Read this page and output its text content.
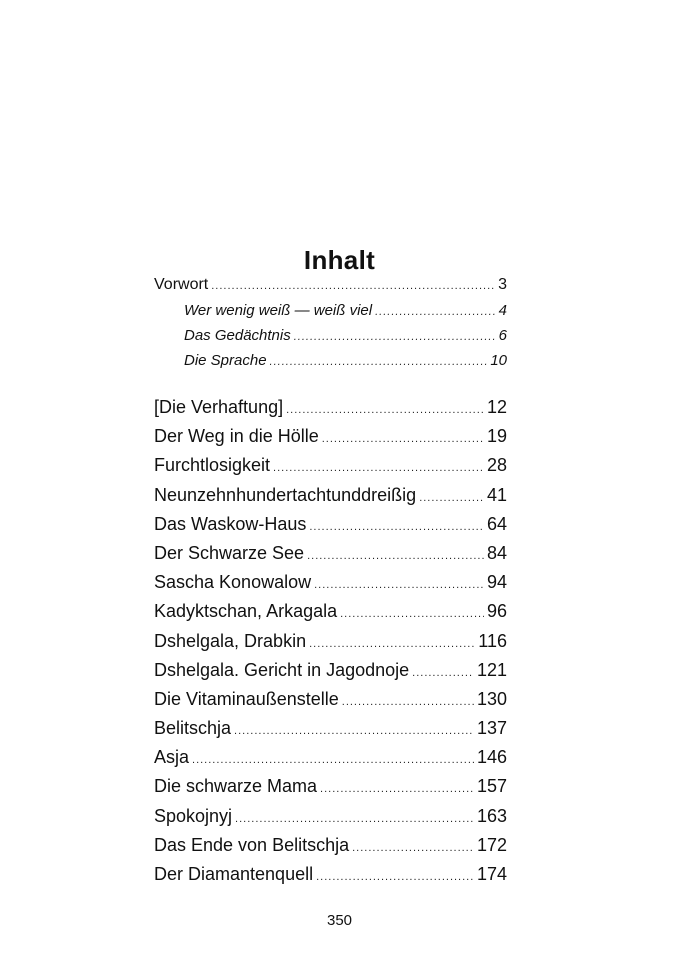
Inhalt
Vorwort .....	3
Wer wenig weiß — weiß viel .....	4
Das Gedächtnis .....	6
Die Sprache .....	10
[Die Verhaftung] .....	12
Der Weg in die Hölle .....	19
Furchtlosigkeit .....	28
Neunzehnhundertachtunddreißig .....	41
Das Waskow-Haus .....	64
Der Schwarze See .....	84
Sascha Konowalow .....	94
Kadyktschan, Arkagala .....	96
Dshelgala, Drabkin .....	116
Dshelgala. Gericht in Jagodnoje .....	121
Die Vitaminaußenstelle .....	130
Belitschja .....	137
Asja .....	146
Die schwarze Mama .....	157
Spokojnyj .....	163
Das Ende von Belitschja .....	172
Der Diamantenquell .....	174
350
